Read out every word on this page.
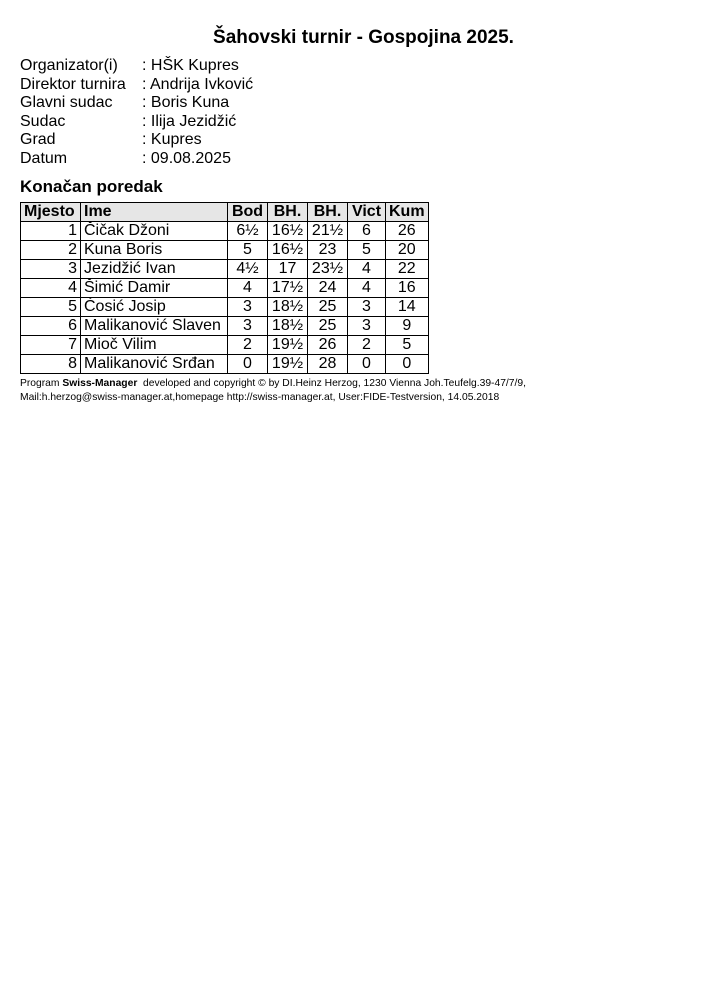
Šahovski turnir - Gospojina 2025.
Organizator(i)	: HŠK Kupres
Direktor turnira	: Andrija Ivković
Glavni sudac	: Boris Kuna
Sudac	: Ilija Jezidžić
Grad	: Kupres
Datum	: 09.08.2025
Konačan poredak
Mjesto	Ime	Bod	BH.	BH.	Vict	Kum
1	Čičak Džoni	6½	16½	21½	6	26
2	Kuna Boris	5	16½	23	5	20
3	Jezidžić Ivan	4½	17	23½	4	22
4	Šimić Damir	4	17½	24	4	16
5	Ćosić Josip	3	18½	25	3	14
6	Malikanović Slaven	3	18½	25	3	9
7	Mioč Vilim	2	19½	26	2	5
8	Malikanović Srđan	0	19½	28	0	0
Program Swiss-Manager  developed and copyright © by DI.Heinz Herzog, 1230 Vienna Joh.Teufelg.39-47/7/9,
Mail:h.herzog@swiss-manager.at,homepage http://swiss-manager.at, User:FIDE-Testversion, 14.05.2018
